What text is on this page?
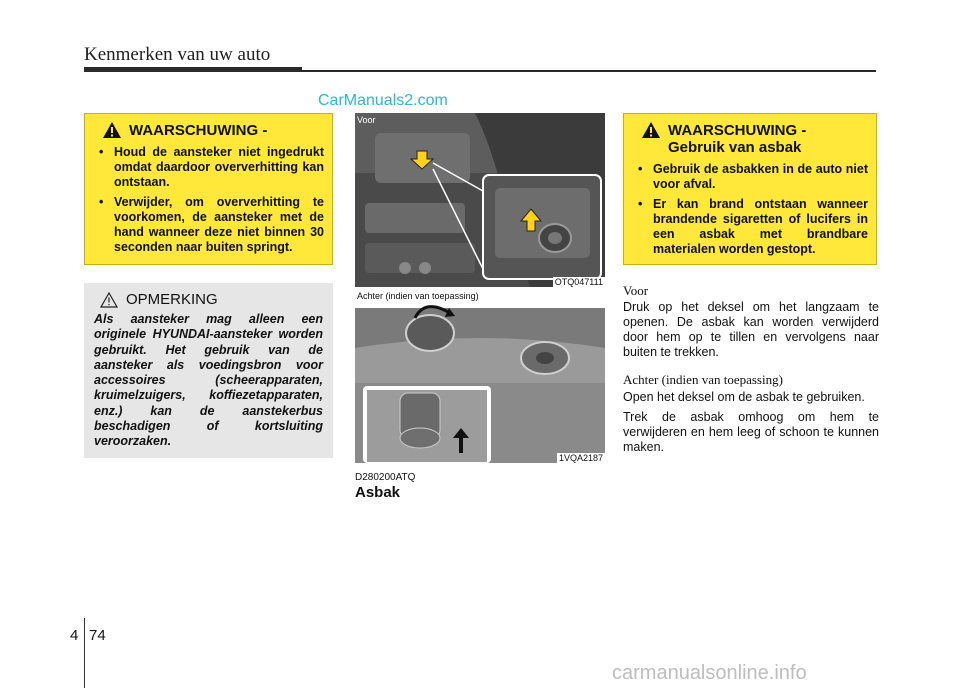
Kenmerken van uw auto
CarManuals2.com
WAARSCHUWING -
• Houd de aansteker niet ingedrukt omdat daardoor oververhitting kan ontstaan.
• Verwijder, om oververhitting te voorkomen, de aansteker met de hand wanneer deze niet binnen 30 seconden naar buiten springt.
OPMERKING
Als aansteker mag alleen een originele HYUNDAI-aansteker worden gebruikt. Het gebruik van de aansteker als voedingsbron voor accessoires (scheerapparaten, kruimelzuigers, koffiezetapparaten, enz.) kan de aanstekerbus beschadigen of kortsluiting veroorzaken.
Voor
OTQ047111
Achter (indien van toepassing)
1VQA2187
D280200ATQ
Asbak
WAARSCHUWING -
Gebruik van asbak
• Gebruik de asbakken in de auto niet voor afval.
• Er kan brand ontstaan wanneer brandende sigaretten of lucifers in een asbak met brandbare materialen worden gestopt.
Voor
Druk op het deksel om het langzaam te openen. De asbak kan worden verwijderd door hem op te tillen en vervolgens naar buiten te trekken.
Achter (indien van toepassing)
Open het deksel om de asbak te gebruiken.
Trek de asbak omhoog om hem te verwijderen en hem leeg of schoon te kunnen maken.
4 74
carmanualsonline.info
